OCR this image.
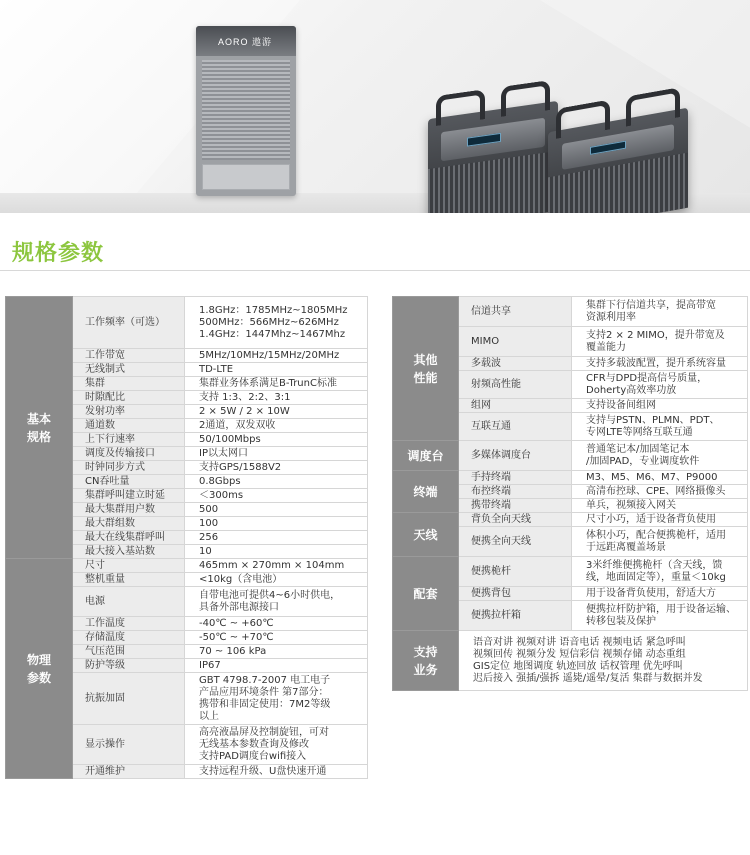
AORO 遨游
规格参数
基本
规格	工作频率（可选）	1.8GHz：1785MHz~1805MHz
500MHz：566MHz~626MHz
1.4GHz：1447Mhz~1467Mhz
	工作带宽	5MHz/10MHz/15MHz/20MHz
	无线制式	TD-LTE
	集群	集群业务体系满足B-TrunC标准
	时隙配比	支持 1:3、2:2、3:1
	发射功率	2 × 5W / 2 × 10W
	通道数	2通道，双发双收
	上下行速率	50/100Mbps
	调度及传输接口	IP以太网口
	时钟同步方式	支持GPS/1588V2
	CN吞吐量	0.8Gbps
	集群呼叫建立时延	＜300ms
	最大集群用户数	500
	最大群组数	100
	最大在线集群呼叫	256
	最大接入基站数	10
物理
参数	尺寸	465mm × 270mm × 104mm
	整机重量	<10kg（含电池）
	电源	自带电池可提供4~6小时供电，
具备外部电源接口
	工作温度	-40℃ ~ +60℃
	存储温度	-50℃ ~ +70℃
	气压范围	70 ~ 106 kPa
	防护等级	IP67
	抗振加固	GBT 4798.7-2007 电工电子
产品应用环境条件 第7部分：
携带和非固定使用：7M2等级
以上
	显示操作	高亮液晶屏及控制旋钮，可对
无线基本参数查询及修改
支持PAD调度台wifi接入
	开通维护	支持远程升级、U盘快速开通
其他
性能	信道共享	集群下行信道共享，提高带宽
资源利用率
	MIMO	支持2 × 2 MIMO，提升带宽及
覆盖能力
	多载波	支持多载波配置，提升系统容量
	射频高性能	CFR与DPD提高信号质量，
Doherty高效率功放
	组网	支持设备间组网
	互联互通	支持与PSTN、PLMN、PDT、
专网LTE等网络互联互通
调度台	多媒体调度台	普通笔记本/加固笔记本
/加固PAD，专业调度软件
终端	手持终端	M3、M5、M6、M7、P9000
	布控终端	高清布控球、CPE、网络摄像头
	携带终端	单兵，视频接入网关
天线	背负全向天线	尺寸小巧，适于设备背负使用
	便携全向天线	体积小巧，配合便携桅杆，适用
于远距离覆盖场景
配套	便携桅杆	3米纤维便携桅杆（含天线，馈
线，地面固定等），重量＜10kg
	便携背包	用于设备背负使用，舒适大方
	便携拉杆箱	便携拉杆防护箱，用于设备运输、
转移包装及保护
支持
业务	语音对讲 视频对讲 语音电话 视频电话 紧急呼叫
视频回传 视频分发 短信彩信 视频存储 动态重组
GIS定位 地图调度 轨迹回放 话权管理 优先呼叫
迟后接入 强插/强拆 遥毙/遥晕/复活 集群与数据并发	
